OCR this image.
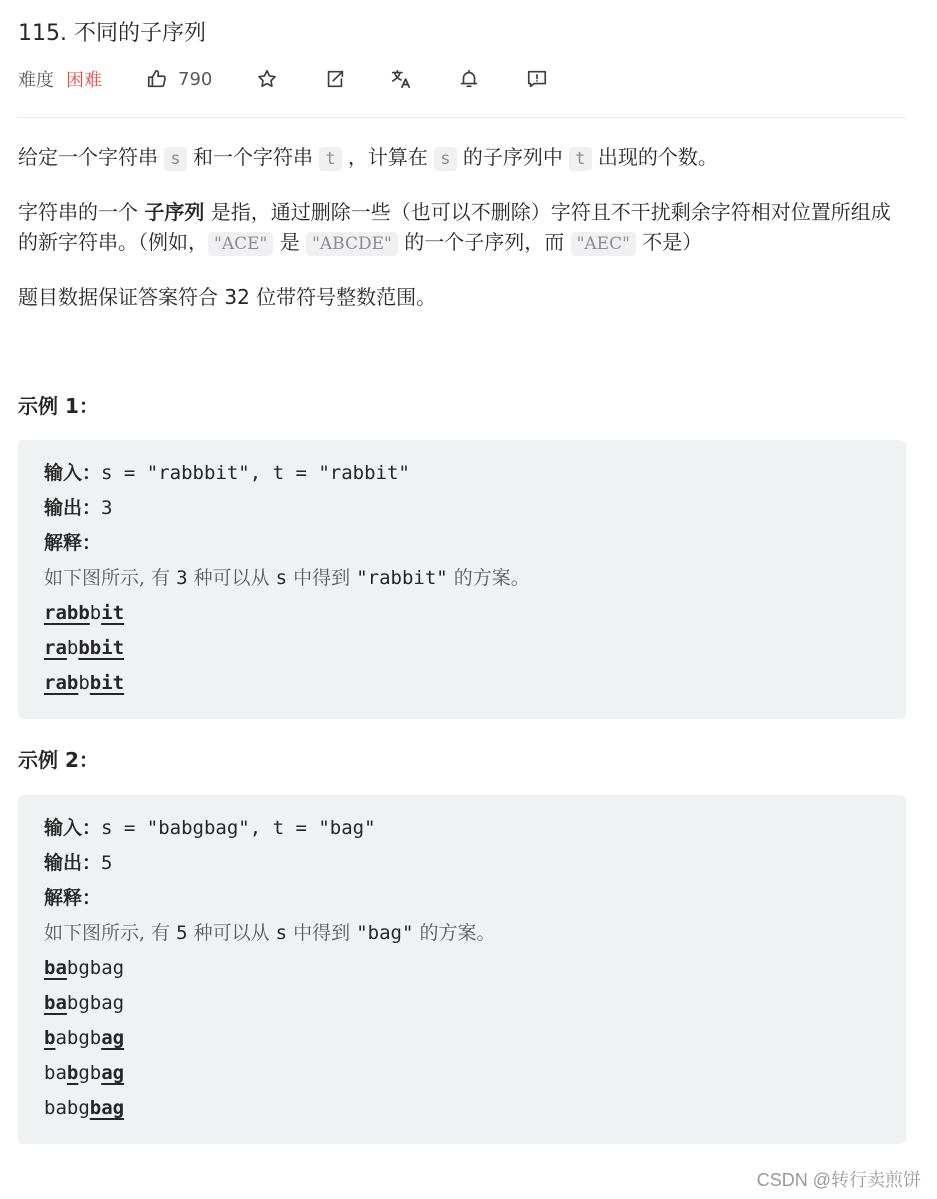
115. 不同的子序列
难度 困难	790
给定一个字符串 s 和一个字符串 t ，计算在 s 的子序列中 t 出现的个数。
字符串的一个 子序列 是指，通过删除一些（也可以不删除）字符且不干扰剩余字符相对位置所组成的新字符串。（例如， "ACE" 是 "ABCDE" 的一个子序列，而 "AEC" 不是）
题目数据保证答案符合 32 位带符号整数范围。
示例 1：
输入：s = "rabbbit", t = "rabbit"
输出：3
解释：
如下图所示, 有 3 种可以从 s 中得到 "rabbit" 的方案。
rabbbit
rabbbit
rabbbit
示例 2：
输入：s = "babgbag", t = "bag"
输出：5
解释：
如下图所示, 有 5 种可以从 s 中得到 "bag" 的方案。
babgbag
babgbag
babgbag
babgbag
babgbag
CSDN @转行卖煎饼
